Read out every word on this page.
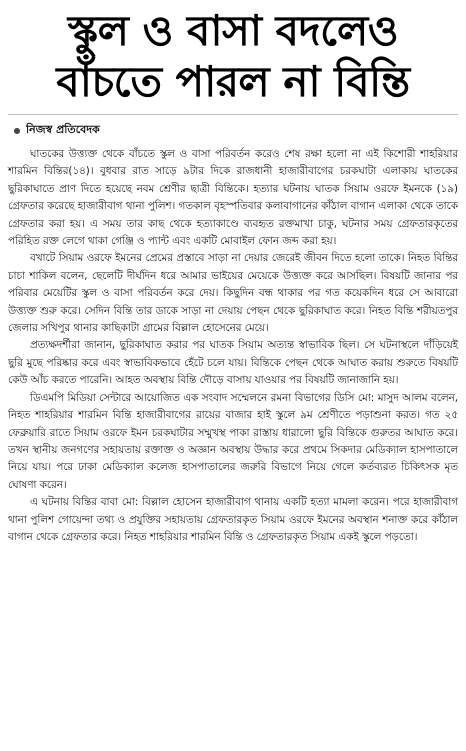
স্কুল ও বাসা বদলেও
বাঁচতে পারল না বিন্তি
নিজস্ব প্রতিবেদক

ঘাতকের উত্ত্যক্ত থেকে বাঁচতে স্কুল ও বাসা পরিবর্তন করেও শেষ রক্ষা হলো না এই কিশোরী শাহরিয়ার শারমিন বিন্তির(১৪)। বুধবার রাত সাড়ে ৯টার দিকে রাজধানী হাজারীবাগের চরকঘাটা এলাকায় ঘাতকের ছুরিকাঘাতে প্রাণ দিতে হয়েছে নবম শ্রেণীর ছাত্রী বিন্তিকে। হত্যার ঘটনায় ঘাতক সিয়াম ওরফে ইমনকে (১৯) গ্রেফতার করেছে হাজারীবাগ থানা পুলিশ। গতকাল বৃহস্পতিবার কলাবাগানের কাঁঠাল বাগান এলাকা থেকে তাকে গ্রেফতার করা হয়। এ সময় তার কাছ থেকে হত্যাকাণ্ডে ব্যবহৃত রক্তমাখা চাকু, ঘটনার সময় গ্রেফতারকৃতের পরিহিত রক্ত লেগে থাকা গেঞ্জি ও প্যান্ট এবং একটি মোবাইল ফোন জব্দ করা হয়।

বখাটে সিয়াম ওরফে ইমনের প্রেমের প্রস্তাবে সাড়া না দেয়ার জেরেই জীবন দিতে হলো তাকে। নিহত বিন্তির চাচা শাকিল বলেন, ছেলেটি দীর্ঘদিন ধরে আমার ভাইয়ের মেয়েকে উত্ত্যক্ত করে আসছিল। বিষয়টি জানার পর পরিবার মেয়েটির স্কুল ও বাসা পরিবর্তন করে দেয়। কিছুদিন বন্ধ থাকার পর গত কয়েকদিন ধরে সে আবারো উত্ত্যক্ত শুরু করে। সেদিন বিন্তি তার ডাকে সাড়া না দেয়ায় পেছন থেকে ছুরিকাঘাত করে। নিহত বিন্তি শরীয়তপুর জেলার সখিপুর থানার কাছিকাটা গ্রামের বিল্লাল হোসেনের মেয়ে।

প্রত্যক্ষদর্শীরা জানান, ছুরিকাঘাত করার পর ঘাতক সিয়াম অত্যন্ত স্বাভাবিক ছিল। সে ঘটনাস্থলে দাঁড়িয়েই ছুরি মুছে পরিষ্কার করে এবং স্বাভাবিকভাবে হেঁটে চলে যায়। বিন্তিকে পেছন থেকে আঘাত করায় শুরুতে বিষয়টি কেউ আঁচ করতে পারেনি। আহত অবস্থায় বিন্তি দৌড়ে বাসায় যাওয়ার পর বিষয়টি জানাজানি হয়।

ডিএমপি মিডিয়া সেন্টারে আয়োজিত এক সংবাদ সম্মেলনে রমনা বিভাগের ডিসি মো: মাসুদ আলম বলেন, নিহত শাহরিয়ার শারমিন বিন্তি হাজারীবাগের রায়ের বাজার হাই স্কুলে ৯ম শ্রেণীতে পড়াশুনা করত। গত ২৫ ফেব্রুয়ারি রাতে সিয়াম ওরফে ইমন চরকঘাটার সম্মুখস্থ পাকা রাস্তায় ধারালো ছুরি বিন্তিকে গুরুতর আঘাত করে। তখন স্থানীয় জনগণের সহায়তায় রক্তাক্ত ও অজ্ঞান অবস্থায় উদ্ধার করে প্রথমে সিকদার মেডিক্যাল হাসপাতালে নিয়ে যায়। পরে ঢাকা মেডিক্যাল কলেজ হাসপাতালের জরুরি বিভাগে নিয়ে গেলে কর্তব্যরত চিকিৎসক মৃত ঘোষণা করেন।

এ ঘটনায় বিন্তির বাবা মো: বিল্লাল হোসেন হাজারীবাগ থানায় একটি হত্যা মামলা করেন। পরে হাজারীবাগ থানা পুলিশ গোয়েন্দা তথ্য ও প্রযুক্তির সহায়তায় গ্রেফতারকৃত সিয়াম ওরফে ইমনের অবস্থান শনাক্ত করে কাঁঠাল বাগান থেকে গ্রেফতার করে। নিহত শাহরিয়ার শারমিন বিন্তি ও গ্রেফতারকৃত সিয়াম একই স্কুলে পড়তো।
